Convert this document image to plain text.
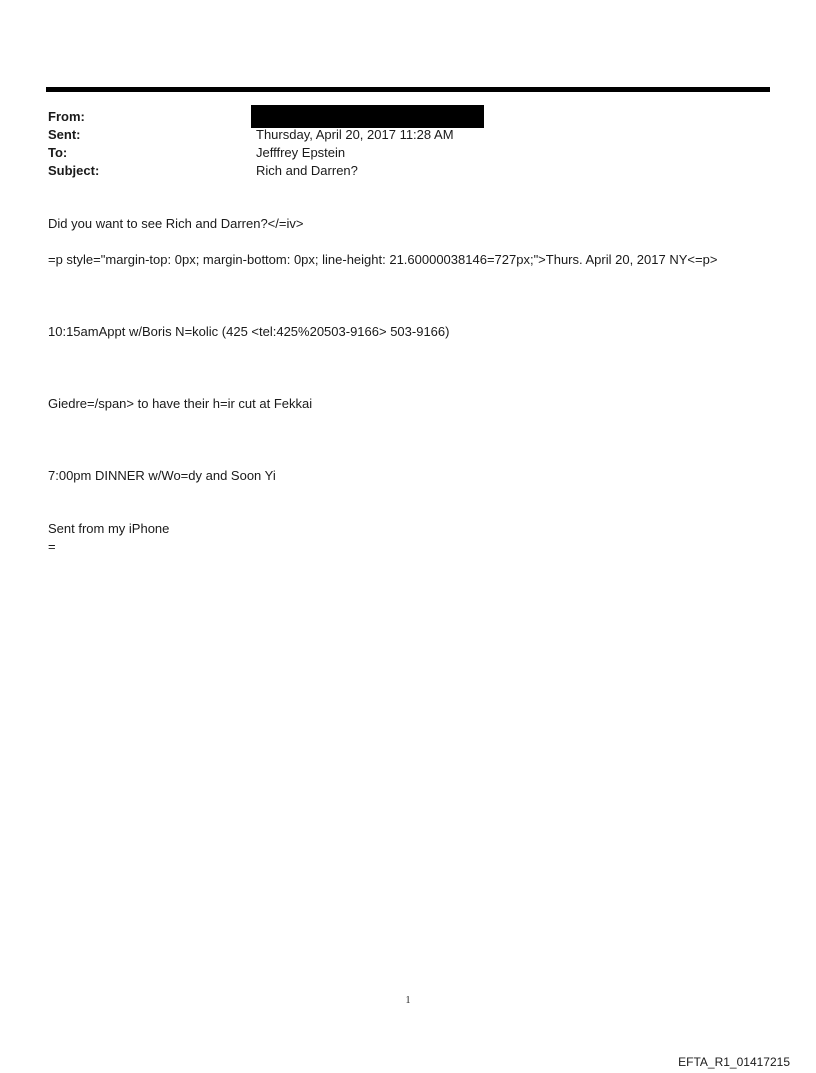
From:
Sent:	Thursday, April 20, 2017 11:28 AM
To:	Jefffrey Epstein
Subject:	Rich and Darren?
Did you want to see Rich and Darren?</=iv>
=p style="margin-top: 0px; margin-bottom: 0px; line-height: 21.60000038146=727px;">Thurs. April 20, 2017 NY<=p>
10:15amAppt w/Boris N=kolic (425 <tel:425%20503-9166> 503-9166)
Giedre=/span> to have their h=ir cut at Fekkai
7:00pm DINNER w/Wo=dy and Soon Yi
Sent from my iPhone
=
1
EFTA_R1_01417215
